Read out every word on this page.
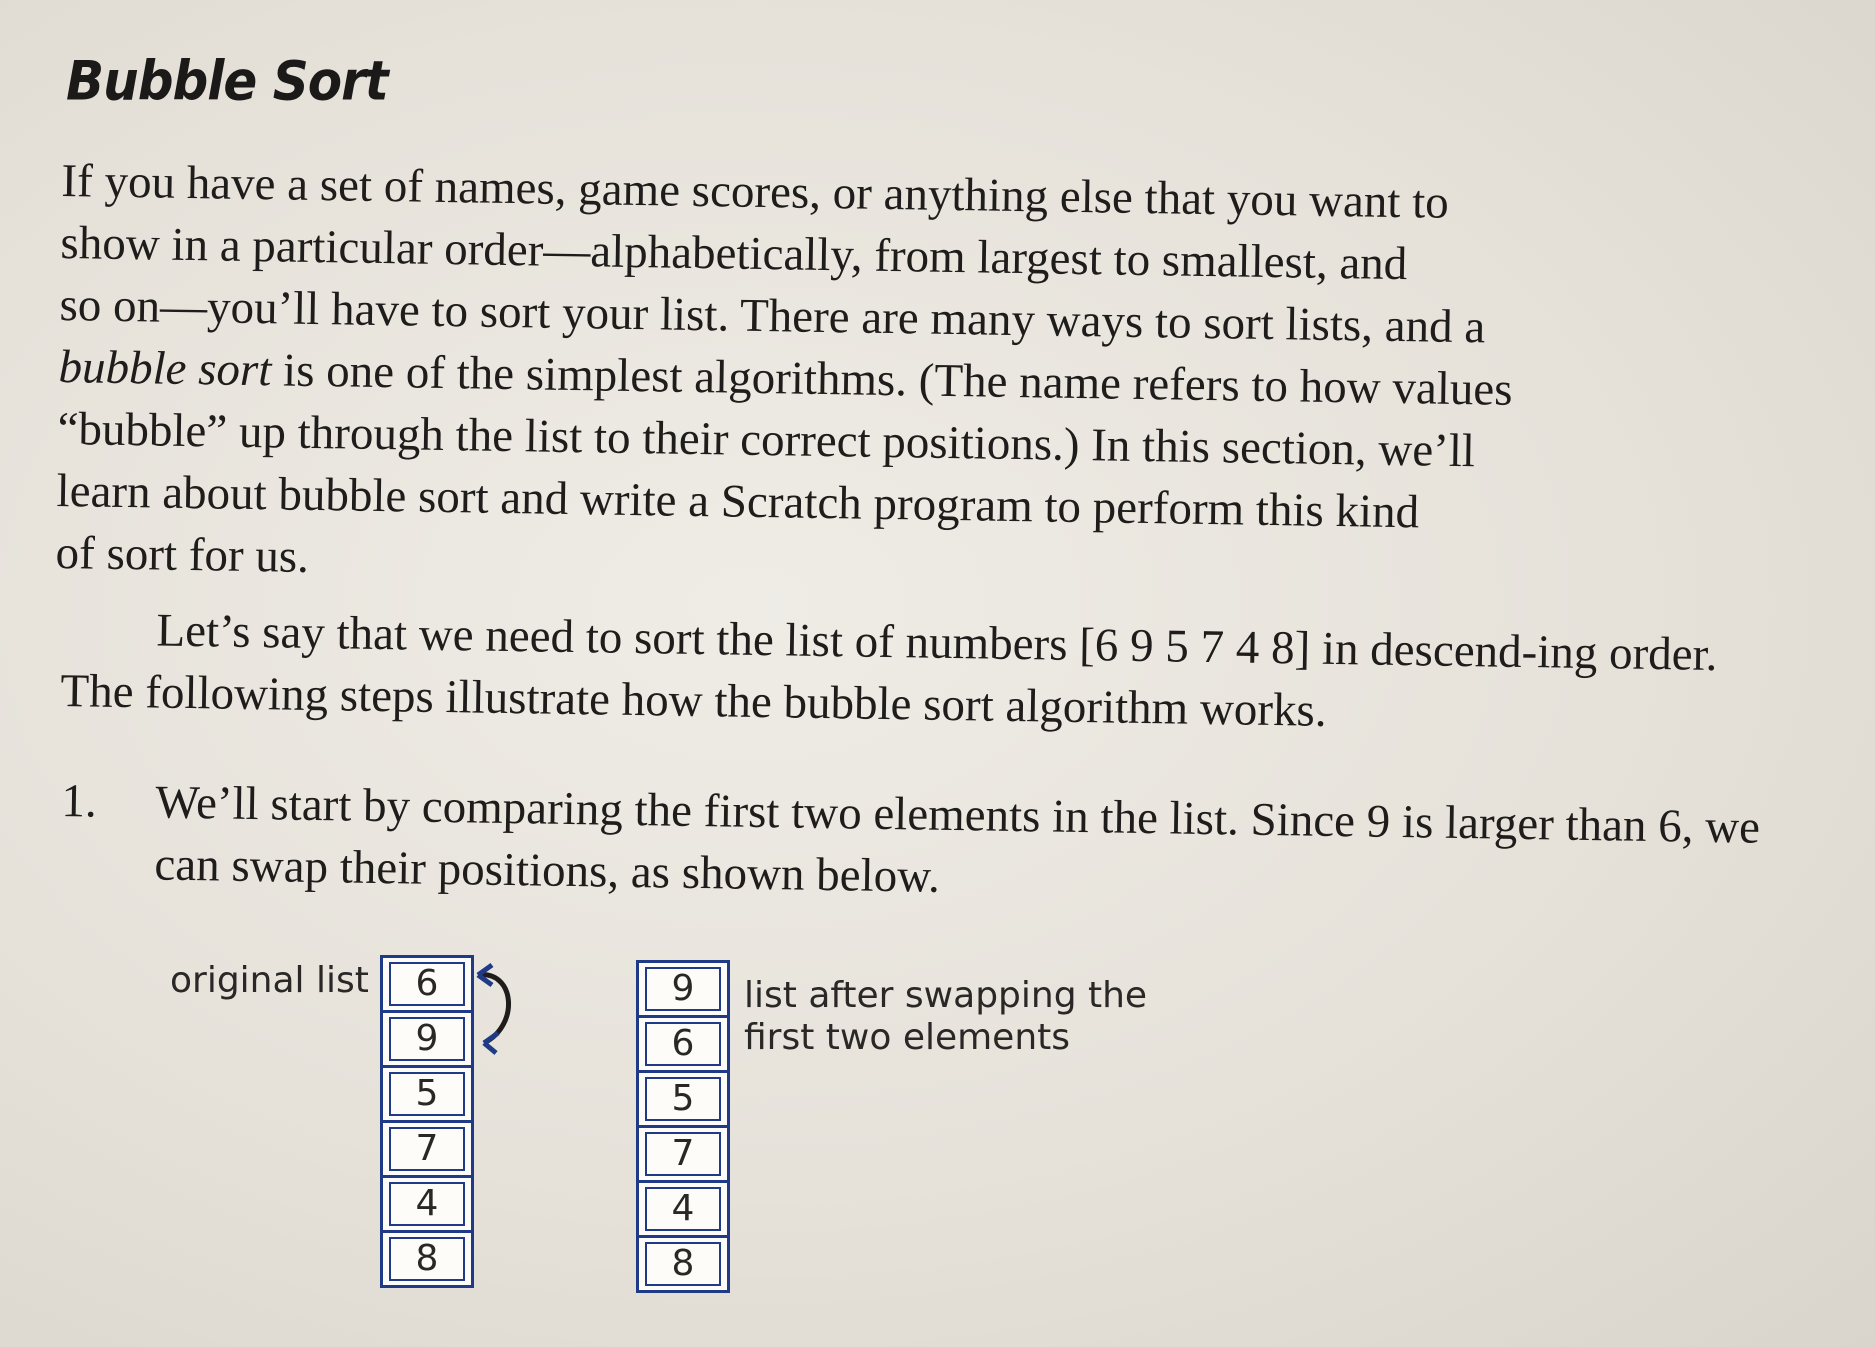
Bubble Sort

If you have a set of names, game scores, or anything else that you want to
show in a particular order—alphabetically, from largest to smallest, and
so on—you’ll have to sort your list. There are many ways to sort lists, and a
bubble sort is one of the simplest algorithms. (The name refers to how values
“bubble” up through the list to their correct positions.) In this section, we’ll
learn about bubble sort and write a Scratch program to perform this kind
of sort for us.

Let’s say that we need to sort the list of numbers [6 9 5 7 4 8] in descend-ing order. The following steps illustrate how the bubble sort algorithm works.

1. We’ll start by comparing the first two elements in the list. Since 9 is larger than 6, we can swap their positions, as shown below.
original list	6
9
5
7
4
8
9
6
5
7
4
8
list after swapping the first two elements
